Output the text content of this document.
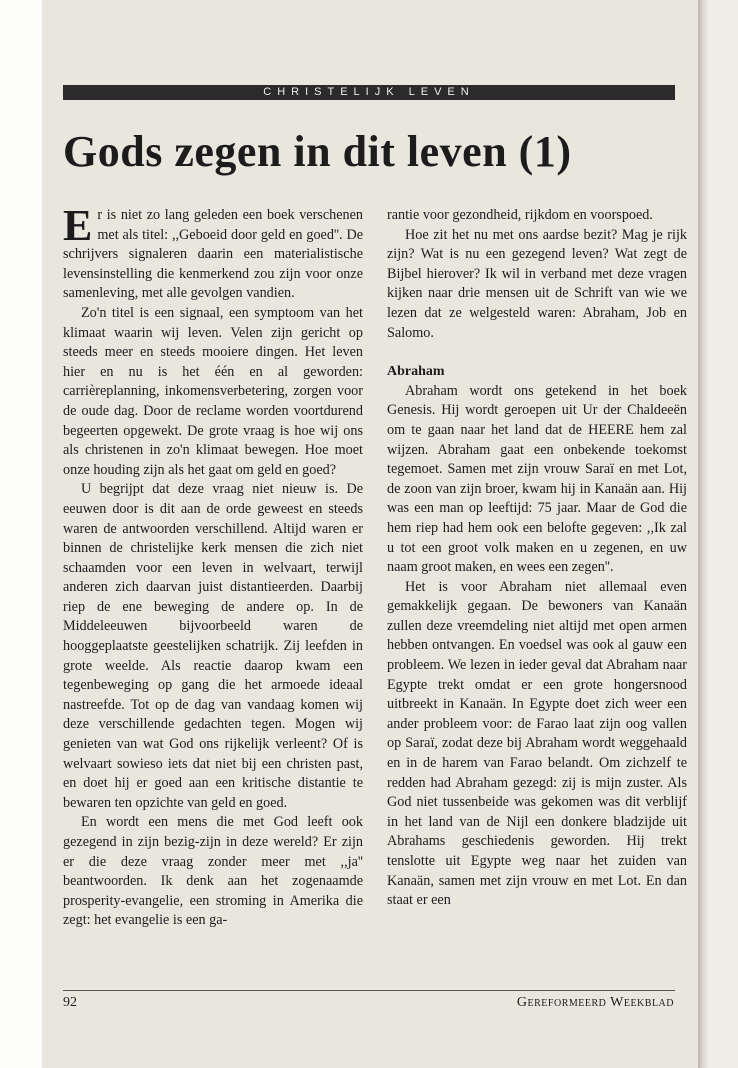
CHRISTELIJK LEVEN
Gods zegen in dit leven (1)

Er is niet zo lang geleden een boek verschenen met als titel: ,,Geboeid door geld en goed''. De schrijvers signaleren daarin een materialistische levensinstelling die kenmerkend zou zijn voor onze samenleving, met alle gevolgen vandien.

Zo'n titel is een signaal, een symptoom van het klimaat waarin wij leven. Velen zijn gericht op steeds meer en steeds mooiere dingen. Het leven hier en nu is het één en al geworden: carrièreplanning, inkomensverbetering, zorgen voor de oude dag. Door de reclame worden voortdurend begeerten opgewekt. De grote vraag is hoe wij ons als christenen in zo'n klimaat bewegen. Hoe moet onze houding zijn als het gaat om geld en goed?

U begrijpt dat deze vraag niet nieuw is. De eeuwen door is dit aan de orde geweest en steeds waren de antwoorden verschillend. Altijd waren er binnen de christelijke kerk mensen die zich niet schaamden voor een leven in welvaart, terwijl anderen zich daarvan juist distantieerden. Daarbij riep de ene beweging de andere op. In de Middeleeuwen bijvoorbeeld waren de hooggeplaatste geestelijken schatrijk. Zij leefden in grote weelde. Als reactie daarop kwam een tegenbeweging op gang die het armoede ideaal nastreefde. Tot op de dag van vandaag komen wij deze verschillende gedachten tegen. Mogen wij genieten van wat God ons rijkelijk verleent? Of is welvaart sowieso iets dat niet bij een christen past, en doet hij er goed aan een kritische distantie te bewaren ten opzichte van geld en goed.

En wordt een mens die met God leeft ook gezegend in zijn bezig-zijn in deze wereld? Er zijn er die deze vraag zonder meer met ,,ja'' beantwoorden. Ik denk aan het zogenaamde prosperity-evangelie, een stroming in Amerika die zegt: het evangelie is een ga-

rantie voor gezondheid, rijkdom en voorspoed.

Hoe zit het nu met ons aardse bezit? Mag je rijk zijn? Wat is nu een gezegend leven? Wat zegt de Bijbel hierover? Ik wil in verband met deze vragen kijken naar drie mensen uit de Schrift van wie we lezen dat ze welgesteld waren: Abraham, Job en Salomo.

Abraham

Abraham wordt ons getekend in het boek Genesis. Hij wordt geroepen uit Ur der Chaldeeën om te gaan naar het land dat de HEERE hem zal wijzen. Abraham gaat een onbekende toekomst tegemoet. Samen met zijn vrouw Saraï en met Lot, de zoon van zijn broer, kwam hij in Kanaän aan. Hij was een man op leeftijd: 75 jaar. Maar de God die hem riep had hem ook een belofte gegeven: ,,Ik zal u tot een groot volk maken en u zegenen, en uw naam groot maken, en wees een zegen''.

Het is voor Abraham niet allemaal even gemakkelijk gegaan. De bewoners van Kanaän zullen deze vreemdeling niet altijd met open armen hebben ontvangen. En voedsel was ook al gauw een probleem. We lezen in ieder geval dat Abraham naar Egypte trekt omdat er een grote hongersnood uitbreekt in Kanaän. In Egypte doet zich weer een ander probleem voor: de Farao laat zijn oog vallen op Saraï, zodat deze bij Abraham wordt weggehaald en in de harem van Farao belandt. Om zichzelf te redden had Abraham gezegd: zij is mijn zuster. Als God niet tussenbeide was gekomen was dit verblijf in het land van de Nijl een donkere bladzijde uit Abrahams geschiedenis geworden. Hij trekt tenslotte uit Egypte weg naar het zuiden van Kanaän, samen met zijn vrouw en met Lot. En dan staat er een

92	Gereformeerd Weekblad
